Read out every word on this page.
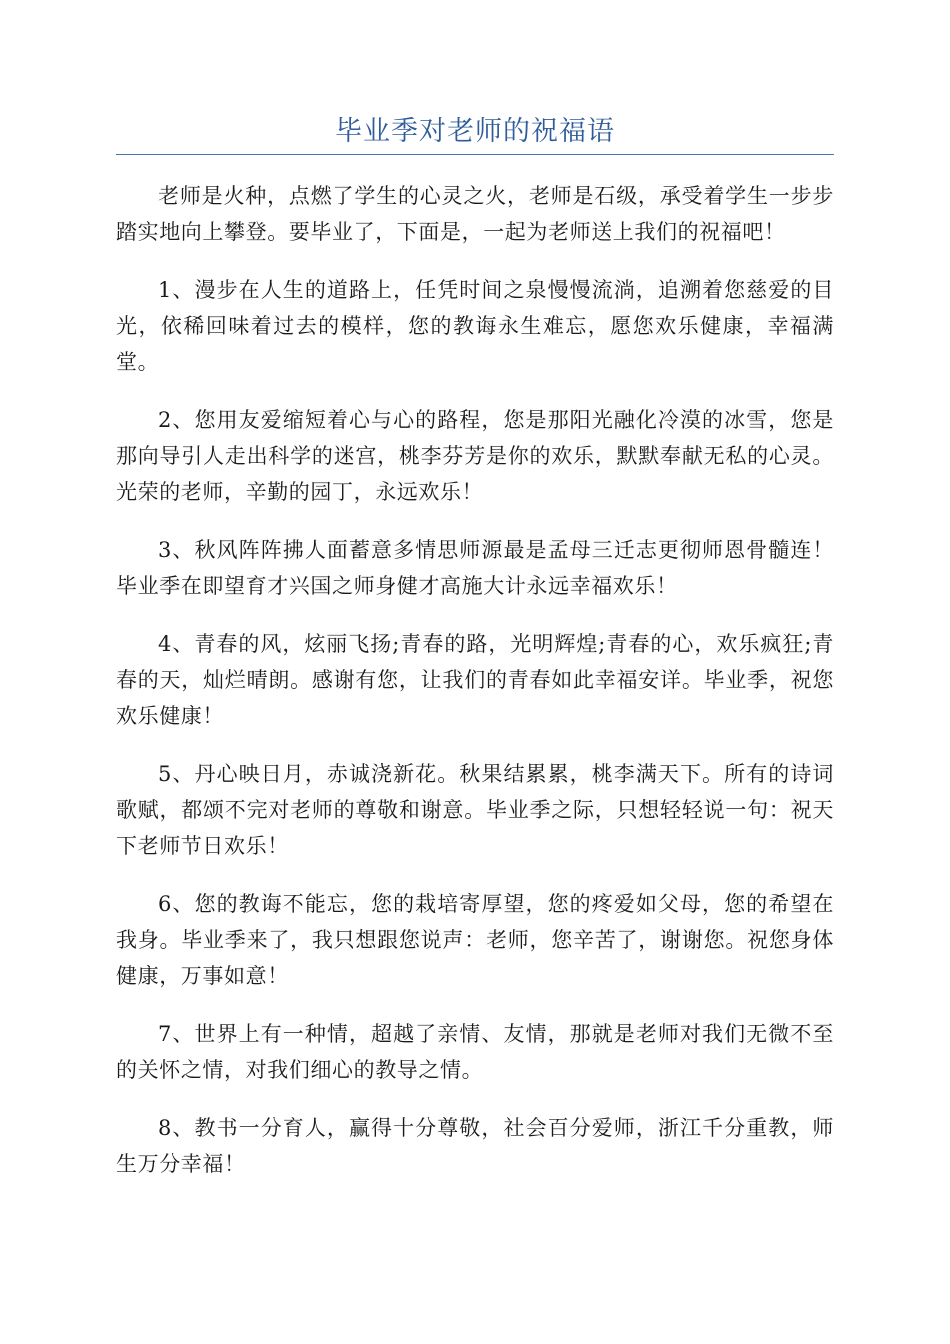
毕业季对老师的祝福语

老师是火种，点燃了学生的心灵之火，老师是石级，承受着学生一步步踏实地向上攀登。要毕业了，下面是，一起为老师送上我们的祝福吧！

1、漫步在人生的道路上，任凭时间之泉慢慢流淌，追溯着您慈爱的目光，依稀回味着过去的模样，您的教诲永生难忘，愿您欢乐健康，幸福满堂。

2、您用友爱缩短着心与心的路程，您是那阳光融化冷漠的冰雪，您是那向导引人走出科学的迷宫，桃李芬芳是你的欢乐，默默奉献无私的心灵。光荣的老师，辛勤的园丁，永远欢乐！

3、秋风阵阵拂人面蓄意多情思师源最是孟母三迁志更彻师恩骨髓连！毕业季在即望育才兴国之师身健才高施大计永远幸福欢乐！

4、青春的风，炫丽飞扬;青春的路，光明辉煌;青春的心，欢乐疯狂;青春的天，灿烂晴朗。感谢有您，让我们的青春如此幸福安详。毕业季，祝您欢乐健康！

5、丹心映日月，赤诚浇新花。秋果结累累，桃李满天下。所有的诗词歌赋，都颂不完对老师的尊敬和谢意。毕业季之际，只想轻轻说一句：祝天下老师节日欢乐！

6、您的教诲不能忘，您的栽培寄厚望，您的疼爱如父母，您的希望在我身。毕业季来了，我只想跟您说声：老师，您辛苦了，谢谢您。祝您身体健康，万事如意！

7、世界上有一种情，超越了亲情、友情，那就是老师对我们无微不至的关怀之情，对我们细心的教导之情。

8、教书一分育人，赢得十分尊敬，社会百分爱师，浙江千分重教，师生万分幸福！
